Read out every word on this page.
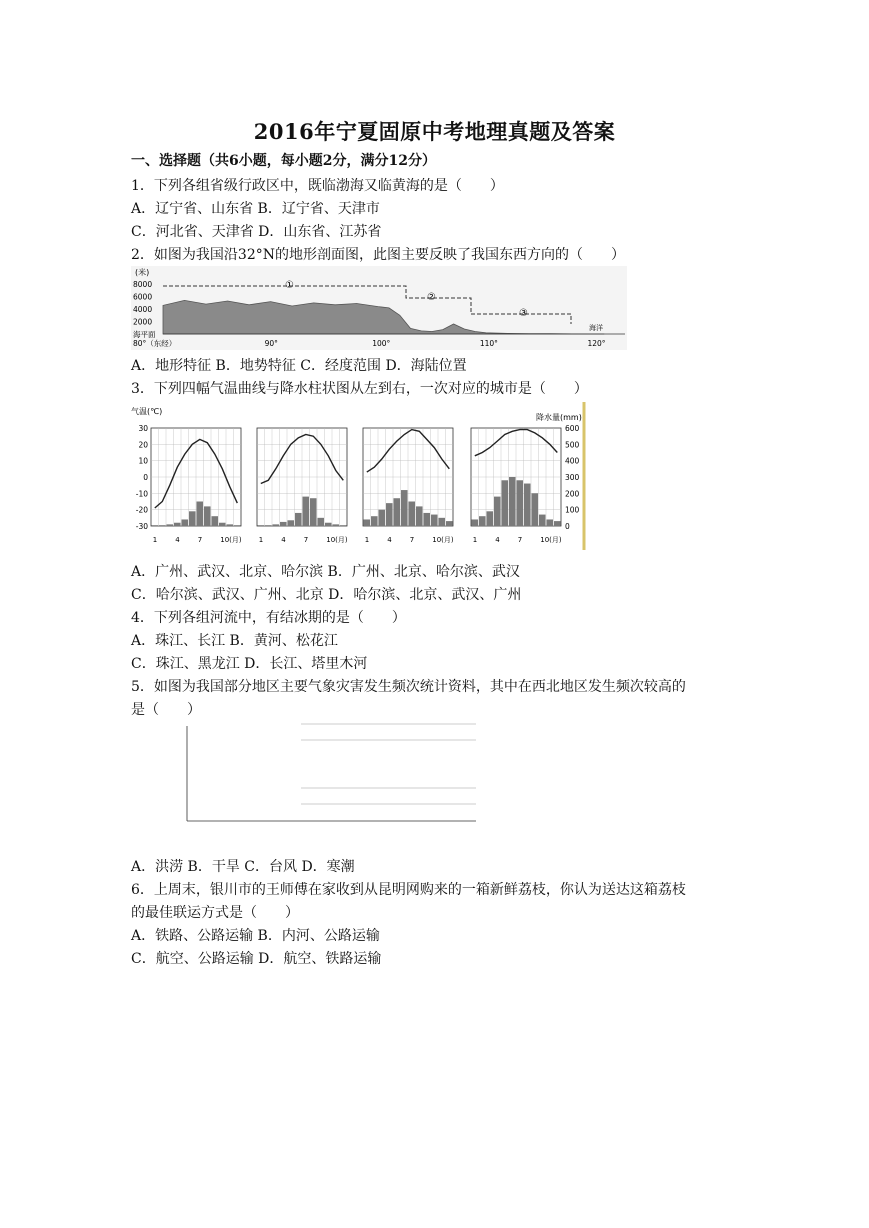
2016年宁夏固原中考地理真题及答案
一、选择题（共6小题，每小题2分，满分12分）
1．下列各组省级行政区中，既临渤海又临黄海的是（　　）
A．辽宁省、山东省 B．辽宁省、天津市
C．河北省、天津省 D．山东省、江苏省
2．如图为我国沿32°N的地形剖面图，此图主要反映了我国东西方向的（　　）
(米)
8000
6000
4000
2000
海平面
①
②
③
海洋
80°（东经）	90°	100°	110°	120°
A．地形特征 B．地势特征 C．经度范围 D．海陆位置
3．下列四幅气温曲线与降水柱状图从左到右，一次对应的城市是（　　）
气温(℃)
降水量(mm)
30
20
10
0
-10
-20
-30
600
500
400
300
200
100
0
1	4	7	10(月) 1	4	7	10(月) 1	4	7	10(月)	1	4	7	10(月)
A．广州、武汉、北京、哈尔滨 B．广州、北京、哈尔滨、武汉
C．哈尔滨、武汉、广州、北京 D．哈尔滨、北京、武汉、广州
4．下列各组河流中，有结冰期的是（　　）
A．珠江、长江 B．黄河、松花江
C．珠江、黑龙江 D．长江、塔里木河
5．如图为我国部分地区主要气象灾害发生频次统计资料，其中在西北地区发生频次较高的
是（　　）
A．洪涝 B．干旱 C．台风 D．寒潮
6．上周末，银川市的王师傅在家收到从昆明网购来的一箱新鲜荔枝，你认为送达这箱荔枝
的最佳联运方式是（　　）
A．铁路、公路运输 B．内河、公路运输
C．航空、公路运输 D．航空、铁路运输
